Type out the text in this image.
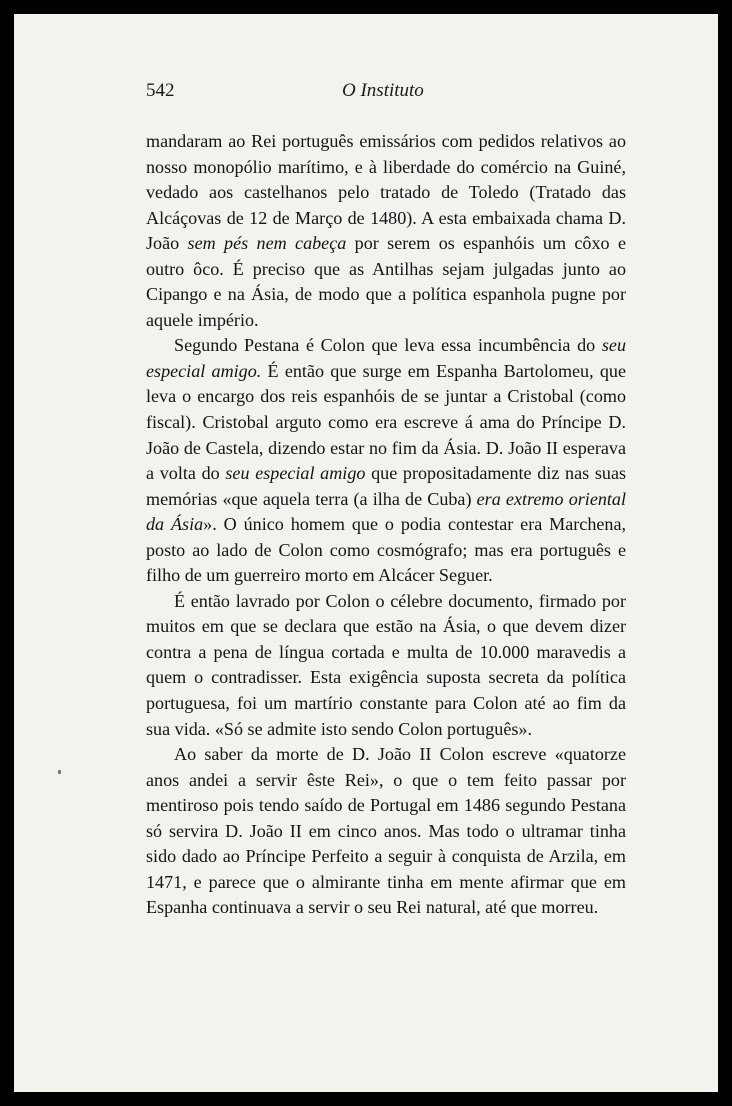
542	O Instituto

mandaram ao Rei português emissários com pedidos relativos ao nosso monopólio marítimo, e à liberdade do comércio na Guiné, vedado aos castelhanos pelo tratado de Toledo (Tratado das Alcáçovas de 12 de Março de 1480). A esta embaixada chama D. João sem pés nem cabeça por serem os espanhóis um côxo e outro ôco. É preciso que as Antilhas sejam julgadas junto ao Cipango e na Ásia, de modo que a política espanhola pugne por aquele império.

Segundo Pestana é Colon que leva essa incumbência do seu especial amigo. É então que surge em Espanha Bartolomeu, que leva o encargo dos reis espanhóis de se juntar a Cristobal (como fiscal). Cristobal arguto como era escreve á ama do Príncipe D. João de Castela, dizendo estar no fim da Ásia. D. João II esperava a volta do seu especial amigo que propositadamente diz nas suas memórias «que aquela terra (a ilha de Cuba) era extremo oriental da Ásia». O único homem que o podia contestar era Marchena, posto ao lado de Colon como cosmógrafo; mas era português e filho de um guerreiro morto em Alcácer Seguer.

É então lavrado por Colon o célebre documento, firmado por muitos em que se declara que estão na Ásia, o que devem dizer contra a pena de língua cortada e multa de 10.000 maravedis a quem o contradisser. Esta exigência suposta secreta da política portuguesa, foi um martírio constante para Colon até ao fim da sua vida. «Só se admite isto sendo Colon português».

Ao saber da morte de D. João II Colon escreve «quatorze anos andei a servir êste Rei», o que o tem feito passar por mentiroso pois tendo saído de Portugal em 1486 segundo Pestana só servira D. João II em cinco anos. Mas todo o ultramar tinha sido dado ao Príncipe Perfeito a seguir à conquista de Arzila, em 1471, e parece que o almirante tinha em mente afirmar que em Espanha continuava a servir o seu Rei natural, até que morreu.
